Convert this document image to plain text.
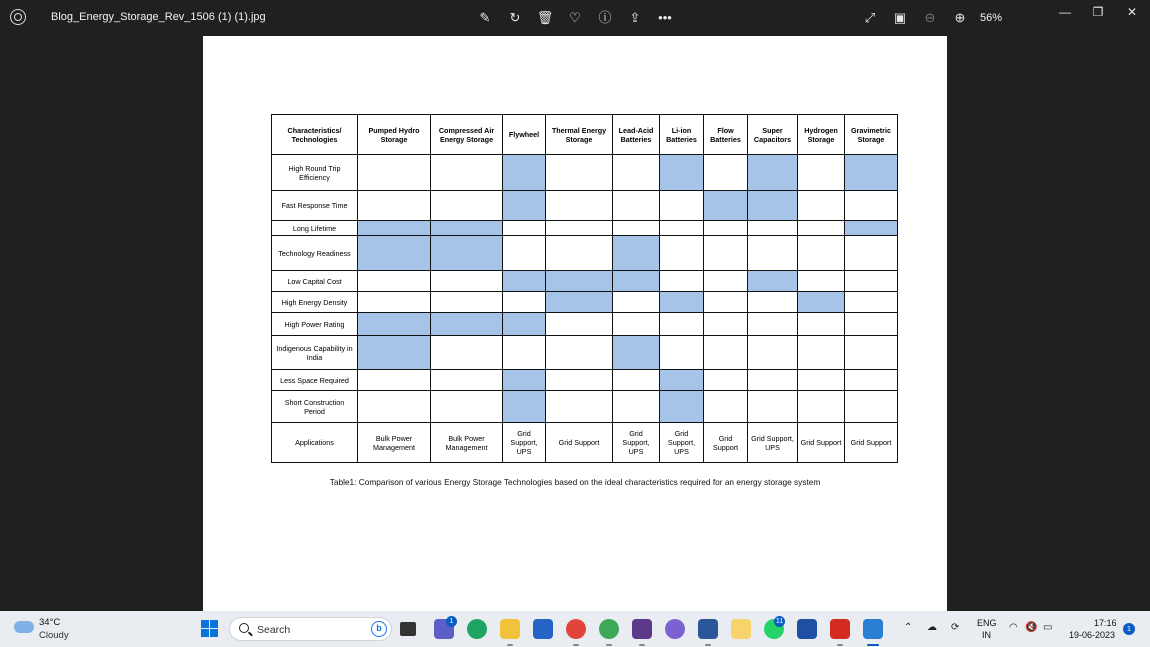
Blog_Energy_Storage_Rev_1506 (1) (1).jpg	✎ ↻ 🗑 ♡ ⓘ ⇪ •••	⤢ ▣ ⊖ ⊕	56%	—	❐	✕
Characteristics/ Technologies	Pumped Hydro Storage	Compressed Air Energy Storage	Flywheel	Thermal Energy Storage	Lead-Acid Batteries	Li-ion Batteries	Flow Batteries	Super Capacitors	Hydrogen Storage	Gravimetric Storage
High Round Trip Efficiency										
Fast Response Time										
Long Lifetime										
Technology Readiness										
Low Capital Cost										
High Energy Density										
High Power Rating										
Indigenous Capability in India										
Less Space Required										
Short Construction Period										
Applications	Bulk Power Management	Bulk Power Management	Grid Support, UPS	Grid Support	Grid Support, UPS	Grid Support, UPS	Grid Support	Grid Support, UPS	Grid Support	Grid Support
Table1: Comparison of various Energy Storage Technologies based on the ideal characteristics required for an energy storage system
34°C
Cloudy	Search	b
1	11
⌃ ☁ ⟳ ENG
IN
◠ 🔇 ▭	17:16
19-06-2023
1
